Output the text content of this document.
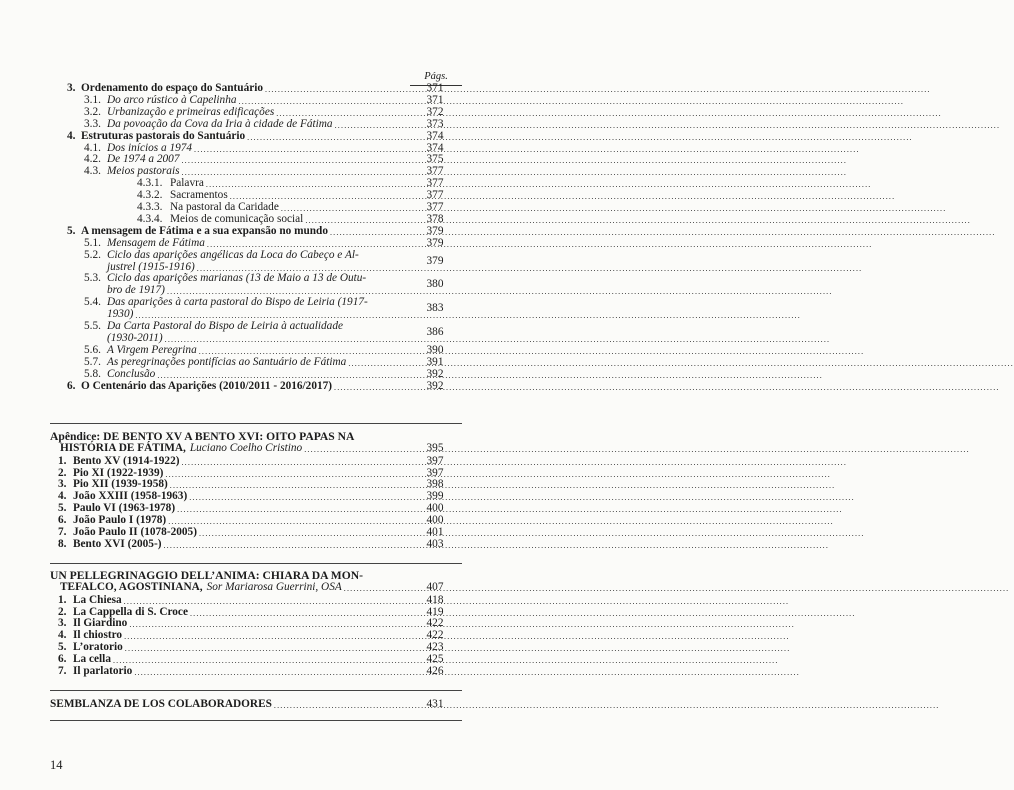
Págs.
3. Ordenamento do espaço do Santuário .....	371
3.1. Do arco rústico à Capelinha .....	371
3.2. Urbanização e primeiras edificações .....	372
3.3. Da povoação da Cova da Iria à cidade de Fátima .....	373
4. Estruturas pastorais do Santuário .....	374
4.1. Dos inícios a 1974 .....	374
4.2. De 1974 a 2007 .....	375
4.3. Meios pastorais .....	377
4.3.1. Palavra .....	377
4.3.2. Sacramentos .....	377
4.3.3. Na pastoral da Caridade .....	377
4.3.4. Meios de comunicação social .....	378
5. A mensagem de Fátima e a sua expansão no mundo .....	379
5.1. Mensagem de Fátima .....	379
5.2. Ciclo das aparições angélicas da Loca do Cabeço e Al-
justrel (1915-1916)
.....	379
5.3. Ciclo das aparições marianas (13 de Maio a 13 de Outu-
bro de 1917)
.....	380
5.4. Das aparições à carta pastoral do Bispo de Leiria (1917-
1930)
.....	383
5.5. Da Carta Pastoral do Bispo de Leiria à actualidade
(1930-2011)
.....	386
5.6. A Virgem Peregrina .....	390
5.7. As peregrinações pontifícias ao Santuário de Fátima .....	391
5.8. Conclusão .....	392
6. O Centenário das Aparições (2010/2011 - 2016/2017) .....	392
Apêndice: DE BENTO XV A BENTO XVI: OITO PAPAS NA
HISTÓRIA DE FÁTIMA, Luciano Coelho Cristino .....	395
1. Bento XV (1914-1922) .....	397
2. Pio XI (1922-1939) .....	397
3. Pio XII (1939-1958) .....	398
4. João XXIII (1958-1963) .....	399
5. Paulo VI (1963-1978) .....	400
6. João Paulo I (1978) .....	400
7. João Paulo II (1078-2005) .....	401
8. Bento XVI (2005-) .....	403
UN PELLEGRINAGGIO DELL’ANIMA: CHIARA DA MON-
TEFALCO, AGOSTINIANA, Sor Mariarosa Guerrini, OSA .....	407
1. La Chiesa .....	418
2. La Cappella di S. Croce .....	419
3. Il Giardino .....	422
4. Il chiostro .....	422
5. L’oratorio .....	423
6. La cella .....	425
7. Il parlatorio .....	426
SEMBLANZA DE LOS COLABORADORES .....	431
14
